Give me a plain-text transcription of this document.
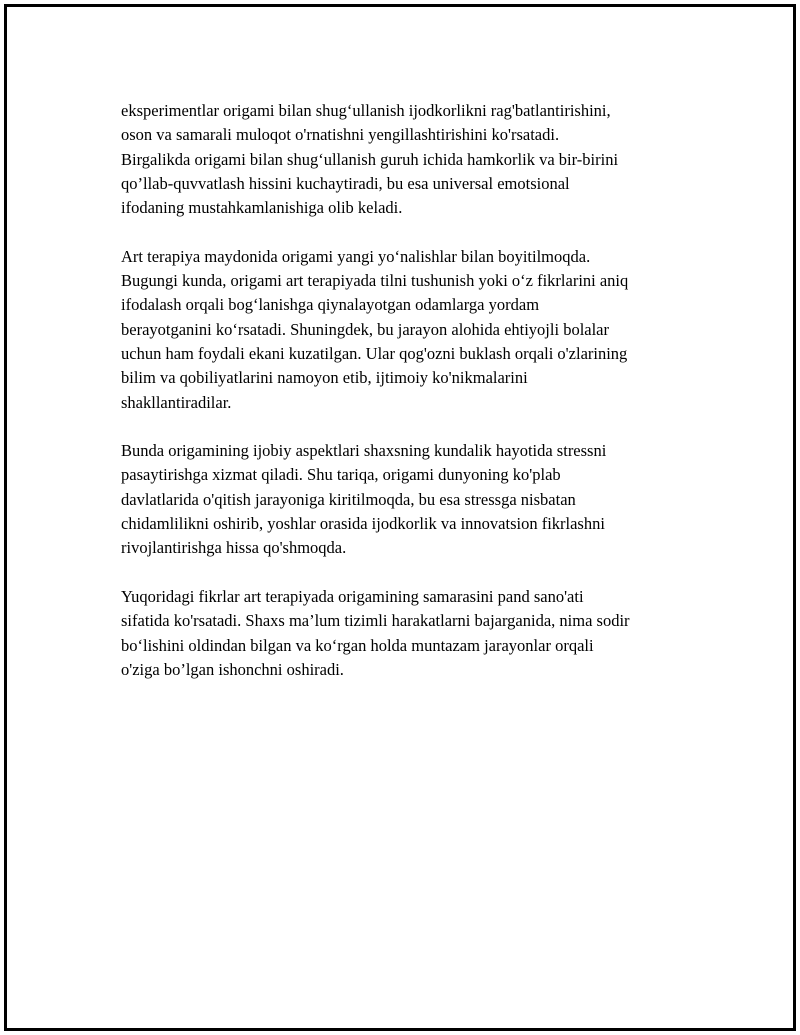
eksperimentlar origami bilan shug‘ullanish ijodkorlikni rag'batlantirishini,
oson va samarali muloqot o'rnatishni yengillashtirishini ko'rsatadi.
Birgalikda origami bilan shug‘ullanish guruh ichida hamkorlik va bir-birini
qo’llab-quvvatlash hissini kuchaytiradi, bu esa universal emotsional
ifodaning mustahkamlanishiga olib keladi.

Art terapiya maydonida origami yangi yo‘nalishlar bilan boyitilmoqda.
Bugungi kunda, origami art terapiyada tilni tushunish yoki o‘z fikrlarini aniq
ifodalash orqali bog‘lanishga qiynalayotgan odamlarga yordam
berayotganini ko‘rsatadi. Shuningdek, bu jarayon alohida ehtiyojli bolalar
uchun ham foydali ekani kuzatilgan. Ular qog'ozni buklash orqali o'zlarining
bilim va qobiliyatlarini namoyon etib, ijtimoiy ko'nikmalarini
shakllantiradilar.

Bunda origamining ijobiy aspektlari shaxsning kundalik hayotida stressni
pasaytirishga xizmat qiladi. Shu tariqa, origami dunyoning ko'plab
davlatlarida o'qitish jarayoniga kiritilmoqda, bu esa stressga nisbatan
chidamlilikni oshirib, yoshlar orasida ijodkorlik va innovatsion fikrlashni
rivojlantirishga hissa qo'shmoqda.

Yuqoridagi fikrlar art terapiyada origamining samarasini pand sano'ati
sifatida ko'rsatadi. Shaxs ma’lum tizimli harakatlarni bajarganida, nima sodir
bo‘lishini oldindan bilgan va ko‘rgan holda muntazam jarayonlar orqali
o'ziga bo’lgan ishonchni oshiradi.
